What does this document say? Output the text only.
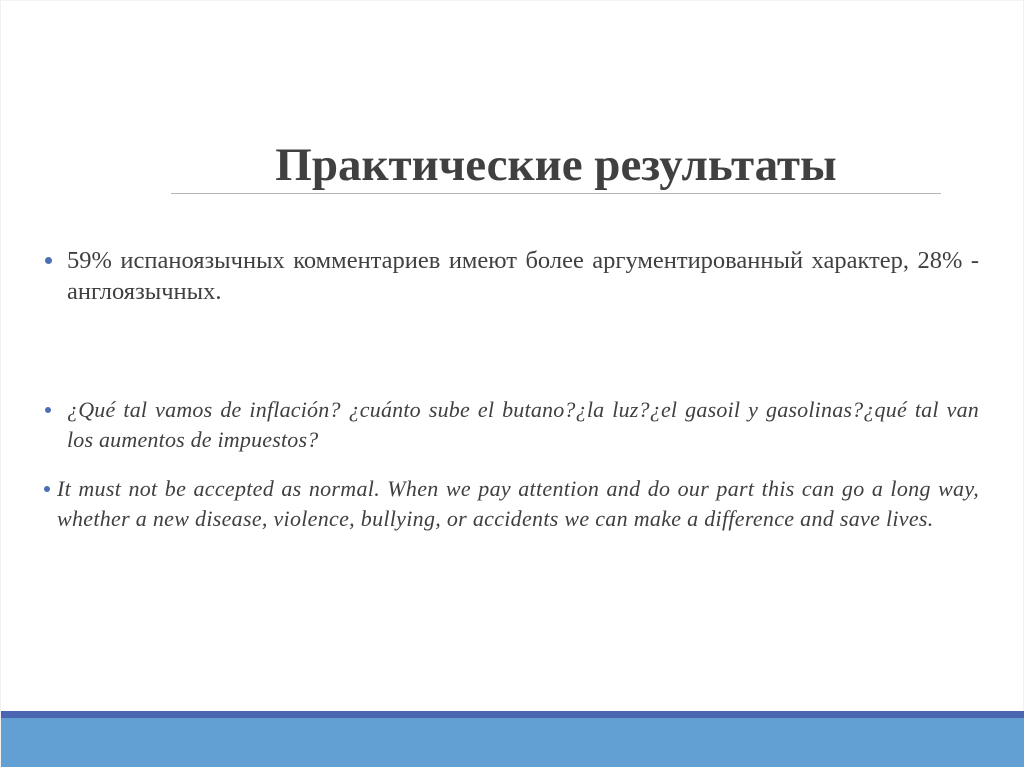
Практические результаты
59% испаноязычных комментариев имеют более аргументированный характер, 28% - англоязычных.
¿Qué tal vamos de inflación? ¿cuánto sube el butano?¿la luz?¿el gasoil y gasolinas?¿qué tal van los aumentos de impuestos?
It must not be accepted as normal. When we pay attention and do our part this can go a long way, whether a new disease, violence, bullying, or accidents we can make a difference and save lives.
